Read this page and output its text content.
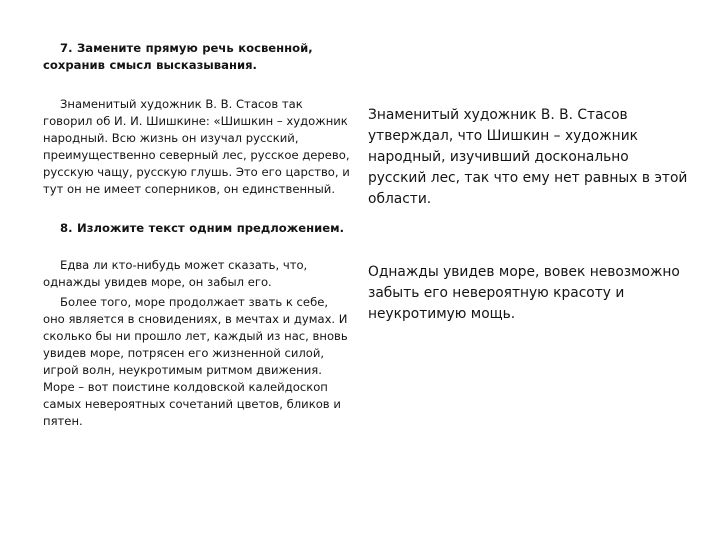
7. Замените прямую речь косвенной, сохранив смысл высказывания.

Знаменитый художник В. В. Стасов так говорил об И. И. Шишкине: «Шишкин – художник народный. Всю жизнь он изучал русский, преимущественно северный лес, русское дерево, русскую чащу, русскую глушь. Это его царство, и тут он не имеет соперников, он единственный.

8. Изложите текст одним предложением.

Едва ли кто-нибудь может сказать, что, однажды увидев море, он забыл его.

Более того, море продолжает звать к себе, оно является в сновидениях, в мечтах и думах. И сколько бы ни прошло лет, каждый из нас, вновь увидев море, потрясен его жизненной силой, игрой волн, неукротимым ритмом движения. Море – вот поистине колдовской калейдоскоп самых невероятных сочетаний цветов, бликов и пятен.

Знаменитый художник В. В. Стасов утверждал, что Шишкин – художник народный, изучивший досконально русский лес, так что ему нет равных в этой области.

Однажды увидев море, вовек невозможно забыть его невероятную красоту и неукротимую мощь.
